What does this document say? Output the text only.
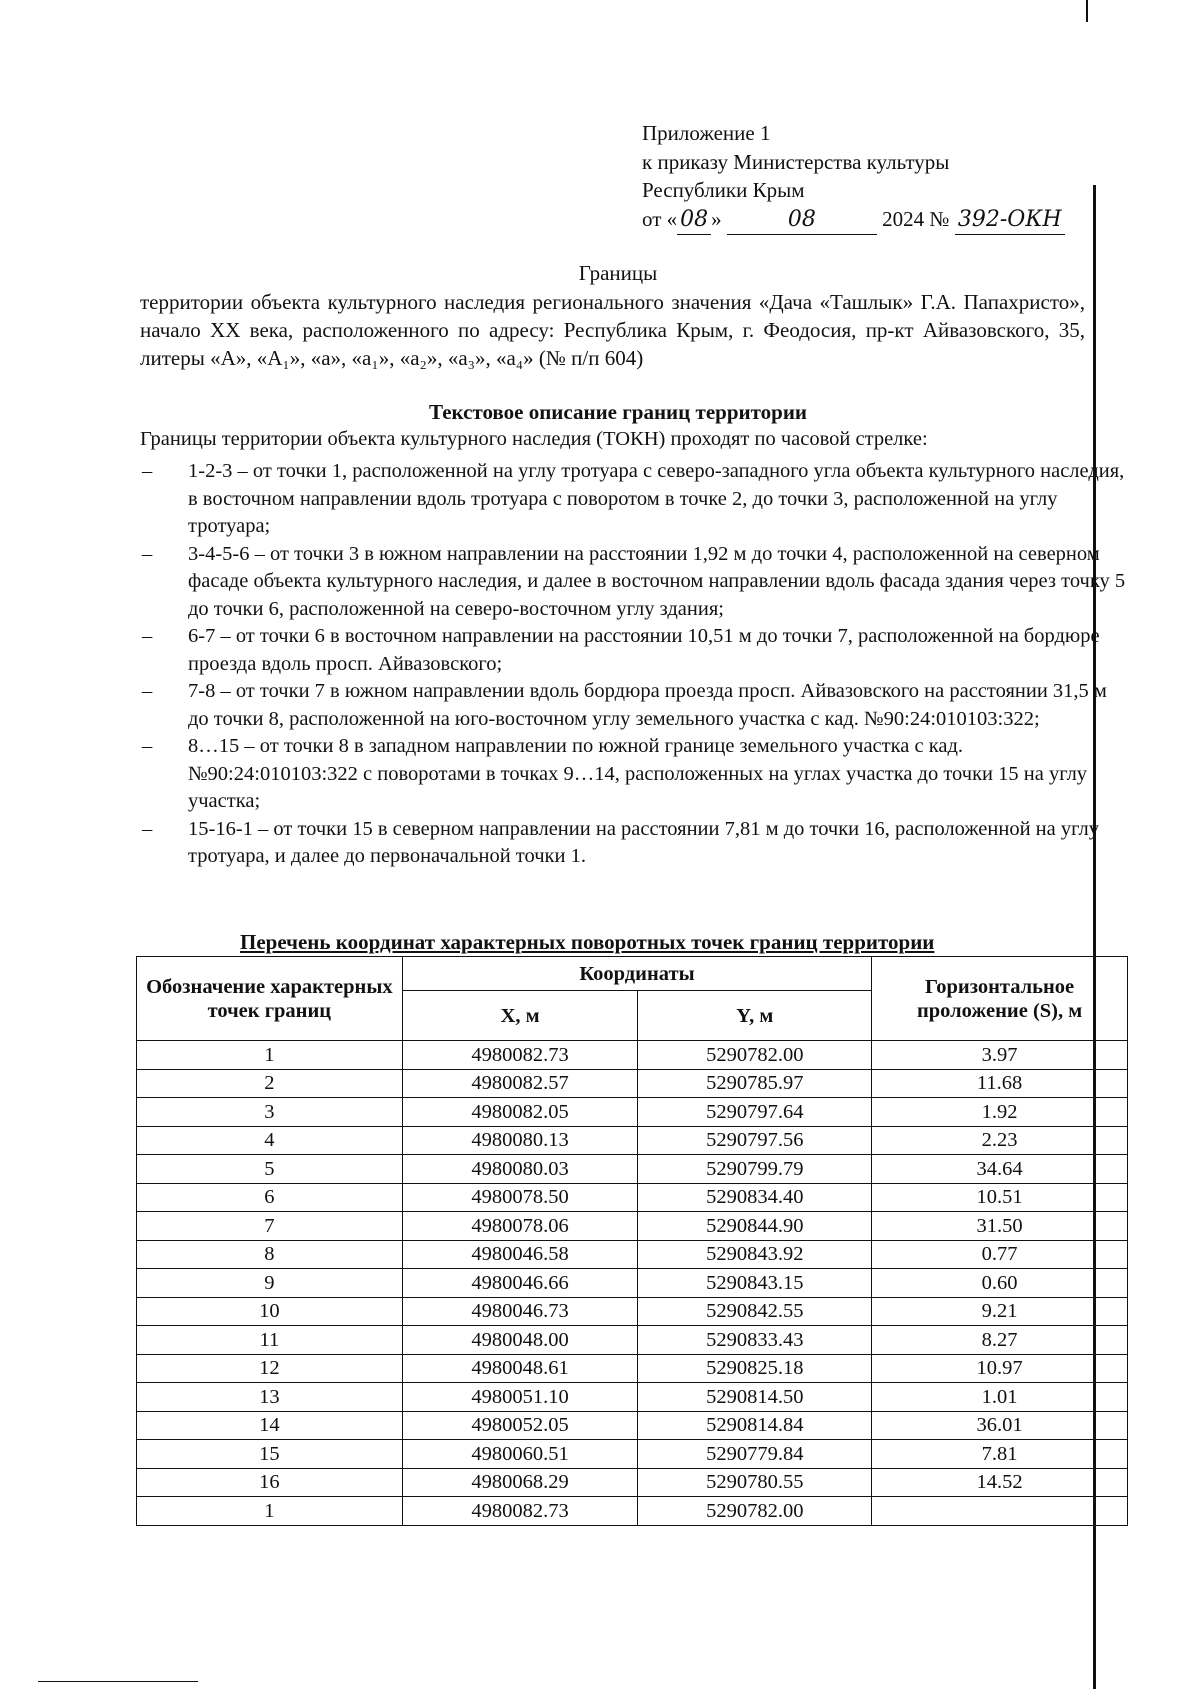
Приложение 1
к приказу Министерства культуры
Республики Крым
от « 08 »	08	2024 № 392-ОКН
Границы
территории объекта культурного наследия регионального значения «Дача «Ташлык» Г.А. Папахристо», начало XX века, расположенного по адресу: Республика Крым, г. Феодосия, пр-кт Айвазовского, 35, литеры «А», «А₁», «а», «а₁», «а₂», «а₃», «а₄» (№ п/п 604)
Текстовое описание границ территории
Границы территории объекта культурного наследия (ТОКН) проходят по часовой стрелке:
– 1-2-3 – от точки 1, расположенной на углу тротуара с северо-западного угла объекта культурного наследия, в восточном направлении вдоль тротуара с поворотом в точке 2, до точки 3, расположенной на углу тротуара;
– 3-4-5-6 – от точки 3 в южном направлении на расстоянии 1,92 м до точки 4, расположенной на северном фасаде объекта культурного наследия, и далее в восточном направлении вдоль фасада здания через точку 5 до точки 6, расположенной на северо-восточном углу здания;
– 6-7 – от точки 6 в восточном направлении на расстоянии 10,51 м до точки 7, расположенной на бордюре проезда вдоль просп. Айвазовского;
– 7-8 – от точки 7 в южном направлении вдоль бордюра проезда просп. Айвазовского на расстоянии 31,5 м до точки 8, расположенной на юго-восточном углу земельного участка с кад. №90:24:010103:322;
– 8…15 – от точки 8 в западном направлении по южной границе земельного участка с кад. №90:24:010103:322 с поворотами в точках 9…14, расположенных на углах участка до точки 15 на углу участка;
– 15-16-1 – от точки 15 в северном направлении на расстоянии 7,81 м до точки 16, расположенной на углу тротуара, и далее до первоначальной точки 1.
Перечень координат характерных поворотных точек границ территории
Обозначение характерных точек границ	Координаты		Горизонтальное проложение (S), м
	X, м	Y, м	
1	4980082.73	5290782.00	3.97
2	4980082.57	5290785.97	11.68
3	4980082.05	5290797.64	1.92
4	4980080.13	5290797.56	2.23
5	4980080.03	5290799.79	34.64
6	4980078.50	5290834.40	10.51
7	4980078.06	5290844.90	31.50
8	4980046.58	5290843.92	0.77
9	4980046.66	5290843.15	0.60
10	4980046.73	5290842.55	9.21
11	4980048.00	5290833.43	8.27
12	4980048.61	5290825.18	10.97
13	4980051.10	5290814.50	1.01
14	4980052.05	5290814.84	36.01
15	4980060.51	5290779.84	7.81
16	4980068.29	5290780.55	14.52
1	4980082.73	5290782.00	
